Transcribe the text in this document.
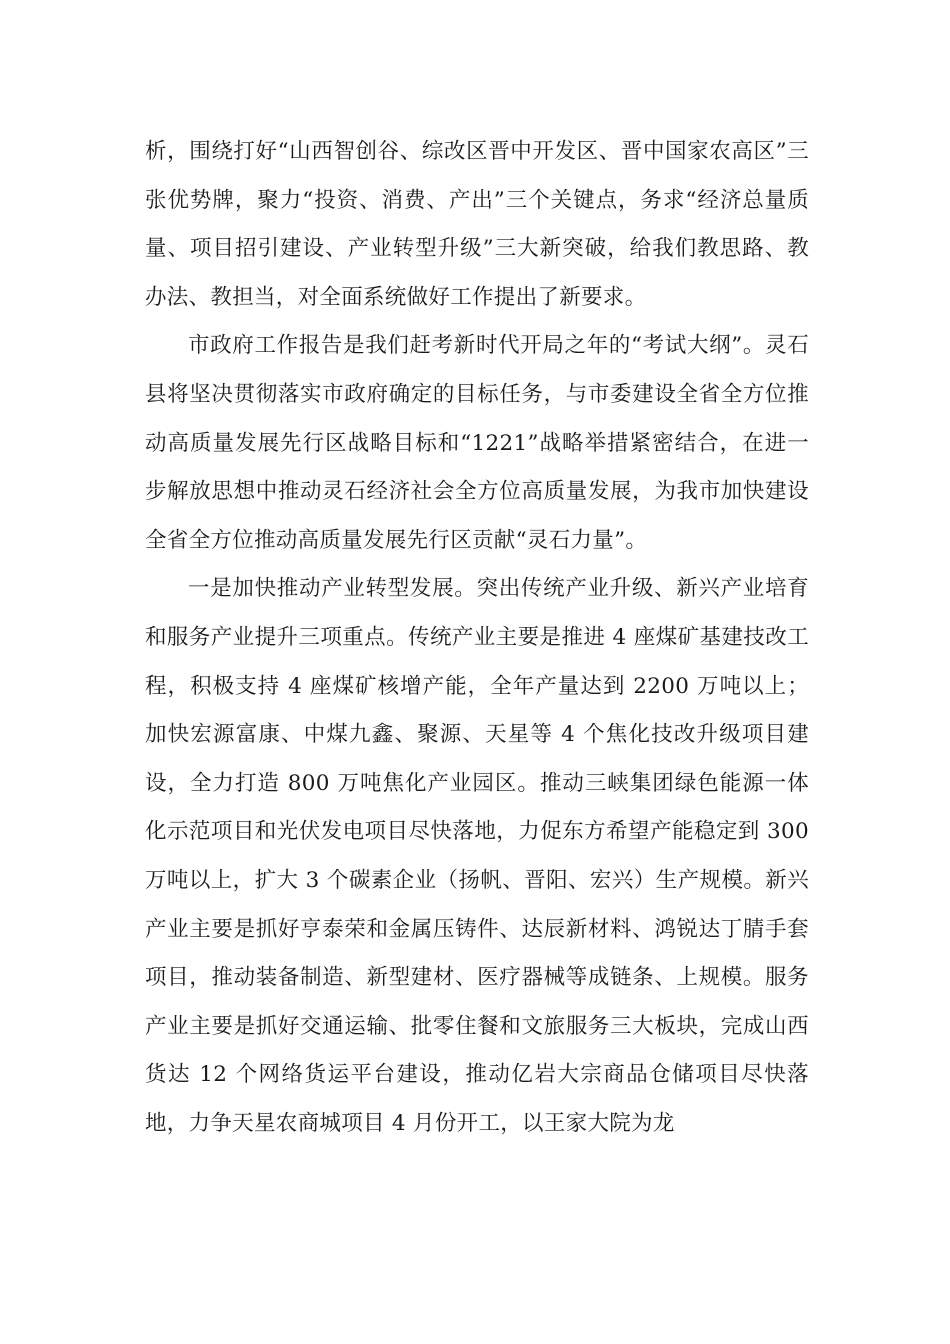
析，围绕打好“山西智创谷、综改区晋中开发区、晋中国家农高区”三张优势牌，聚力“投资、消费、产出”三个关键点，务求“经济总量质量、项目招引建设、产业转型升级”三大新突破，给我们教思路、教办法、教担当，对全面系统做好工作提出了新要求。

市政府工作报告是我们赶考新时代开局之年的“考试大纲”。灵石县将坚决贯彻落实市政府确定的目标任务，与市委建设全省全方位推动高质量发展先行区战略目标和“1221”战略举措紧密结合，在进一步解放思想中推动灵石经济社会全方位高质量发展，为我市加快建设全省全方位推动高质量发展先行区贡献“灵石力量”。

一是加快推动产业转型发展。突出传统产业升级、新兴产业培育和服务产业提升三项重点。传统产业主要是推进 4 座煤矿基建技改工程，积极支持 4 座煤矿核增产能，全年产量达到 2200 万吨以上；加快宏源富康、中煤九鑫、聚源、天星等 4 个焦化技改升级项目建设，全力打造 800 万吨焦化产业园区。推动三峡集团绿色能源一体化示范项目和光伏发电项目尽快落地，力促东方希望产能稳定到 300 万吨以上，扩大 3 个碳素企业（扬帆、晋阳、宏兴）生产规模。新兴产业主要是抓好亨泰荣和金属压铸件、达辰新材料、鸿锐达丁腈手套项目，推动装备制造、新型建材、医疗器械等成链条、上规模。服务产业主要是抓好交通运输、批零住餐和文旅服务三大板块，完成山西货达 12 个网络货运平台建设，推动亿岩大宗商品仓储项目尽快落地，力争天星农商城项目 4 月份开工，以王家大院为龙
